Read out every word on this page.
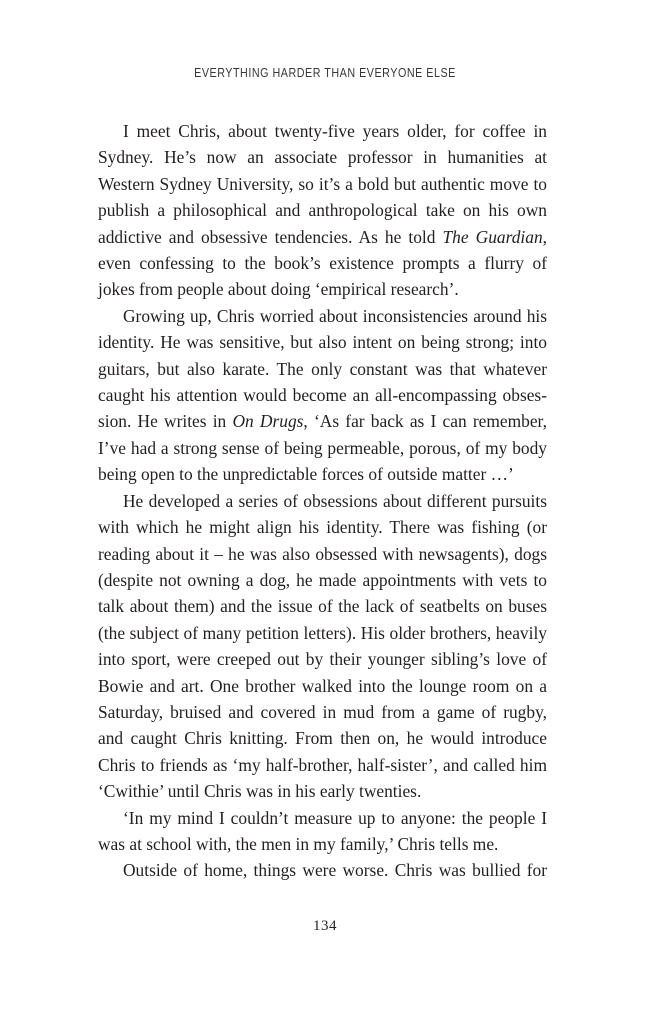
EVERYTHING HARDER THAN EVERYONE ELSE

I meet Chris, about twenty-five years older, for coffee in Sydney. He’s now an associate professor in humanities at Western Sydney University, so it’s a bold but authentic move to publish a philosophical and anthropological take on his own addictive and obsessive tendencies. As he told The Guardian, even confessing to the book’s existence prompts a flurry of jokes from people about doing ‘empirical research’.

Growing up, Chris worried about inconsistencies around his identity. He was sensitive, but also intent on being strong; into guitars, but also karate. The only constant was that whatever caught his attention would become an all-encompassing obsession. He writes in On Drugs, ‘As far back as I can remember, I’ve had a strong sense of being permeable, porous, of my body being open to the unpredictable forces of outside matter …’

He developed a series of obsessions about different pursuits with which he might align his identity. There was fishing (or reading about it – he was also obsessed with newsagents), dogs (despite not owning a dog, he made appointments with vets to talk about them) and the issue of the lack of seatbelts on buses (the subject of many petition letters). His older brothers, heavily into sport, were creeped out by their younger sibling’s love of Bowie and art. One brother walked into the lounge room on a Saturday, bruised and covered in mud from a game of rugby, and caught Chris knitting. From then on, he would introduce Chris to friends as ‘my half-brother, half-sister’, and called him ‘Cwithie’ until Chris was in his early twenties.

‘In my mind I couldn’t measure up to anyone: the people I was at school with, the men in my family,’ Chris tells me.

Outside of home, things were worse. Chris was bullied for

134
